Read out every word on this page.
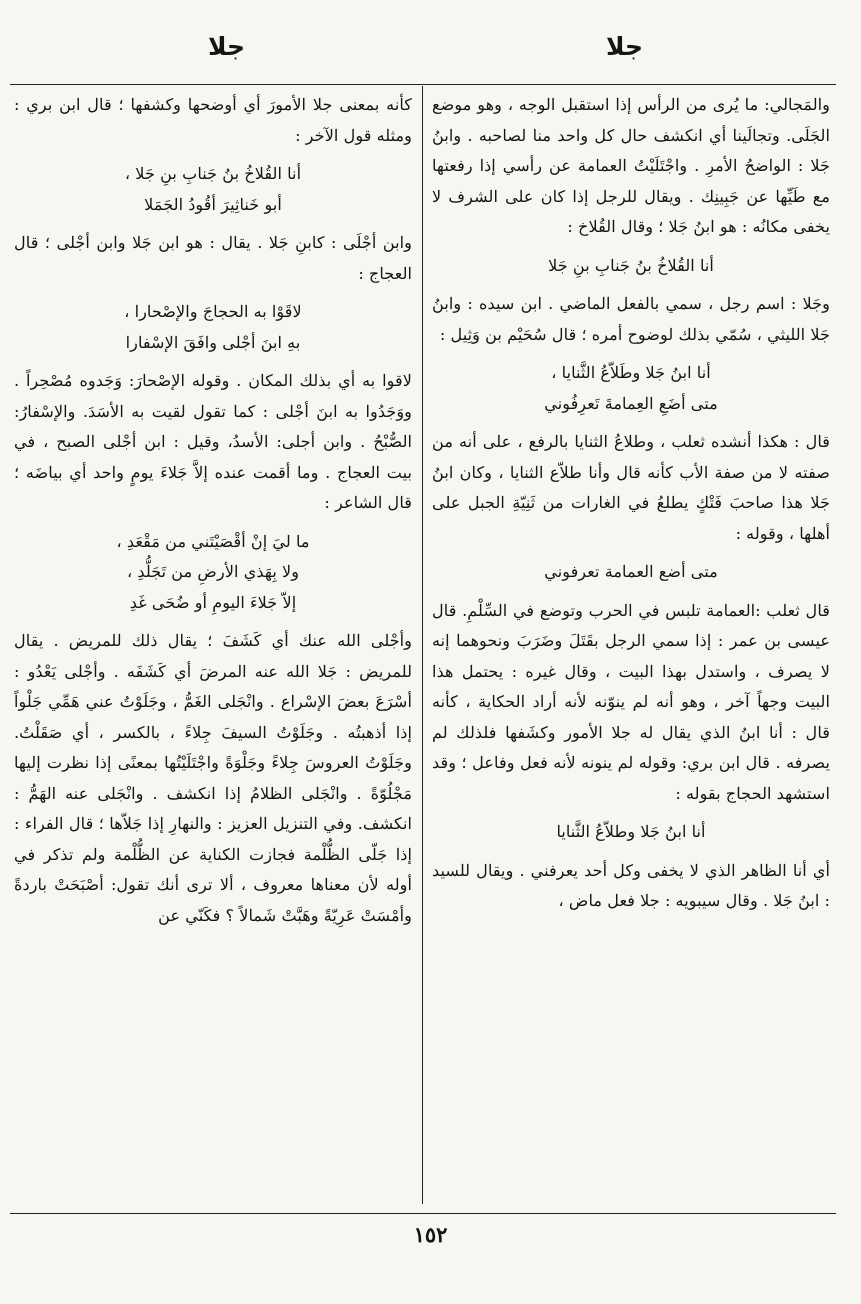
جلا
جلا

والمَجالي: ما يُرى من الرأس إذا استقبل الوجه ، وهو موضع الجَلَى. وتجالَينا أي انكشف حال كل واحد منا لصاحبه . وابنُ جَلا : الواضحُ الأمرِ . واجْتَلَيْتُ العمامة عن رأسي إذا رفعتها مع طَيِّها عن جَبِينِك . ويقال للرجل إذا كان على الشرف لا يخفى مكانُه : هو ابنُ جَلا ؛ وقال القُلاخ :

أنا القُلاخُ بنُ جَنابِ بنِ جَلا

وجَلا : اسم رجل ، سمي بالفعل الماضي . ابن سيده : وابنُ جَلا الليثي ، سُمّي بذلك لوضوح أمره ؛ قال سُحَيْم بن وَثِيل :

أنا ابنُ جَلا وطَلاّعُ الثَّنايا ،

متى أضَعِ العِمامةَ تَعرِفُوني

قال : هكذا أنشده ثعلب ، وطلاعُ الثنايا بالرفع ، على أنه من صفته لا من صفة الأب كأنه قال وأنا طلاّع الثنايا ، وكان ابنُ جَلا هذا صاحبَ فَتْكٍ يطلعُ في الغارات من ثَنِيّةِ الجبل على أهلها ، وقوله :

متى أضع العمامة تعرفوني

قال ثعلب :العمامة تلبس في الحرب وتوضع في السِّلْمِ. قال عيسى بن عمر : إذا سمي الرجل بقَتَلَ وضَرَبَ ونحوهما إنه لا يصرف ، واستدل بهذا البيت ، وقال غيره : يحتمل هذا البيت وجهاً آخر ، وهو أنه لم ينوّنه لأنه أراد الحكاية ، كأنه قال : أنا ابنُ الذي يقال له جلا الأمور وكشَفها فلذلك لم يصرفه . قال ابن بري: وقوله لم ينونه لأنه فعل وفاعل ؛ وقد استشهد الحجاج بقوله :

أنا ابنُ جَلا وطلاّعُ الثَّنايا

أي أنا الظاهر الذي لا يخفى وكل أحد يعرفني . ويقال للسيد : ابنُ جَلا . وقال سيبويه : جلا فعل ماض ،

كأنه بمعنى جلا الأمورَ أي أوضحها وكشفها ؛ قال ابن بري : ومثله قول الآخر :

أنا القُلاخُ بنُ جَنابِ بنِ جَلا ،

أبو خَناثِيرَ أقُودُ الجَمَلا

وابن أجْلَى : كابنِ جَلا . يقال : هو ابن جَلا وابن أجْلى ؛ قال العجاج :

لاقَوْا به الحجاجَ والإصْحارا ،

بهِ ابنَ أجْلى وافَقَ الإسْفارا

لاقوا به أي بذلك المكان . وقوله الإصْحارَ: وَجَدوه مُصْحِراً . ووَجَدُوا به ابنَ أجْلى : كما تقول لقيت به الأسَدَ. والإسْفارُ: الصُّبْحُ . وابن أجلى: الأسدُ، وقيل : ابن أجْلى الصبح ، في بيت العجاج . وما أقمت عنده إلاَّ جَلاءَ يومٍ واحد أي بياضَه ؛ قال الشاعر :

ما ليَ إنْ أقْصَيْتَني من مَقْعَدِ ،

ولا بِهَذي الأرضِ من تَجَلُّدِ ،

إلاّ جَلاءَ اليومِ أو ضُحَى غَدِ

وأجْلى الله عنك أي كَشَفَ ؛ يقال ذلك للمريض . يقال للمريض : جَلا الله عنه المرضَ أي كَشَفَه . وأجْلى يَعْدُو : أسْرَعَ بعضَ الإسْراع . وانْجَلى الغَمُّ ، وجَلَوْتُ عني هَمِّي جَلْواً إذا أذهبتُه . وجَلَوْتُ السيفَ جِلاءً ، بالكسر ، أي صَقَلْتُ. وجَلَوْتُ العروسَ جِلاءً وجَلْوَةً واجْتَلَيْتُها بمعنًى إذا نظرت إليها مَجْلُوّةً . وانْجَلى الظلامُ إذا انكشف . وانْجَلى عنه الهَمُّ : انكشف. وفي التنزيل العزيز : والنهارِ إذا جَلاّها ؛ قال الفراء : إذا جَلّى الظُّلْمة فجازت الكناية عن الظُّلْمة ولم تذكر في أوله لأن معناها معروف ، ألا ترى أنك تقول: أصْبَحَتْ باردةً وأمْسَتْ عَرِيّةً وهَبَّتْ شَمالاً ؟ فكَنّي عن

١٥٢
